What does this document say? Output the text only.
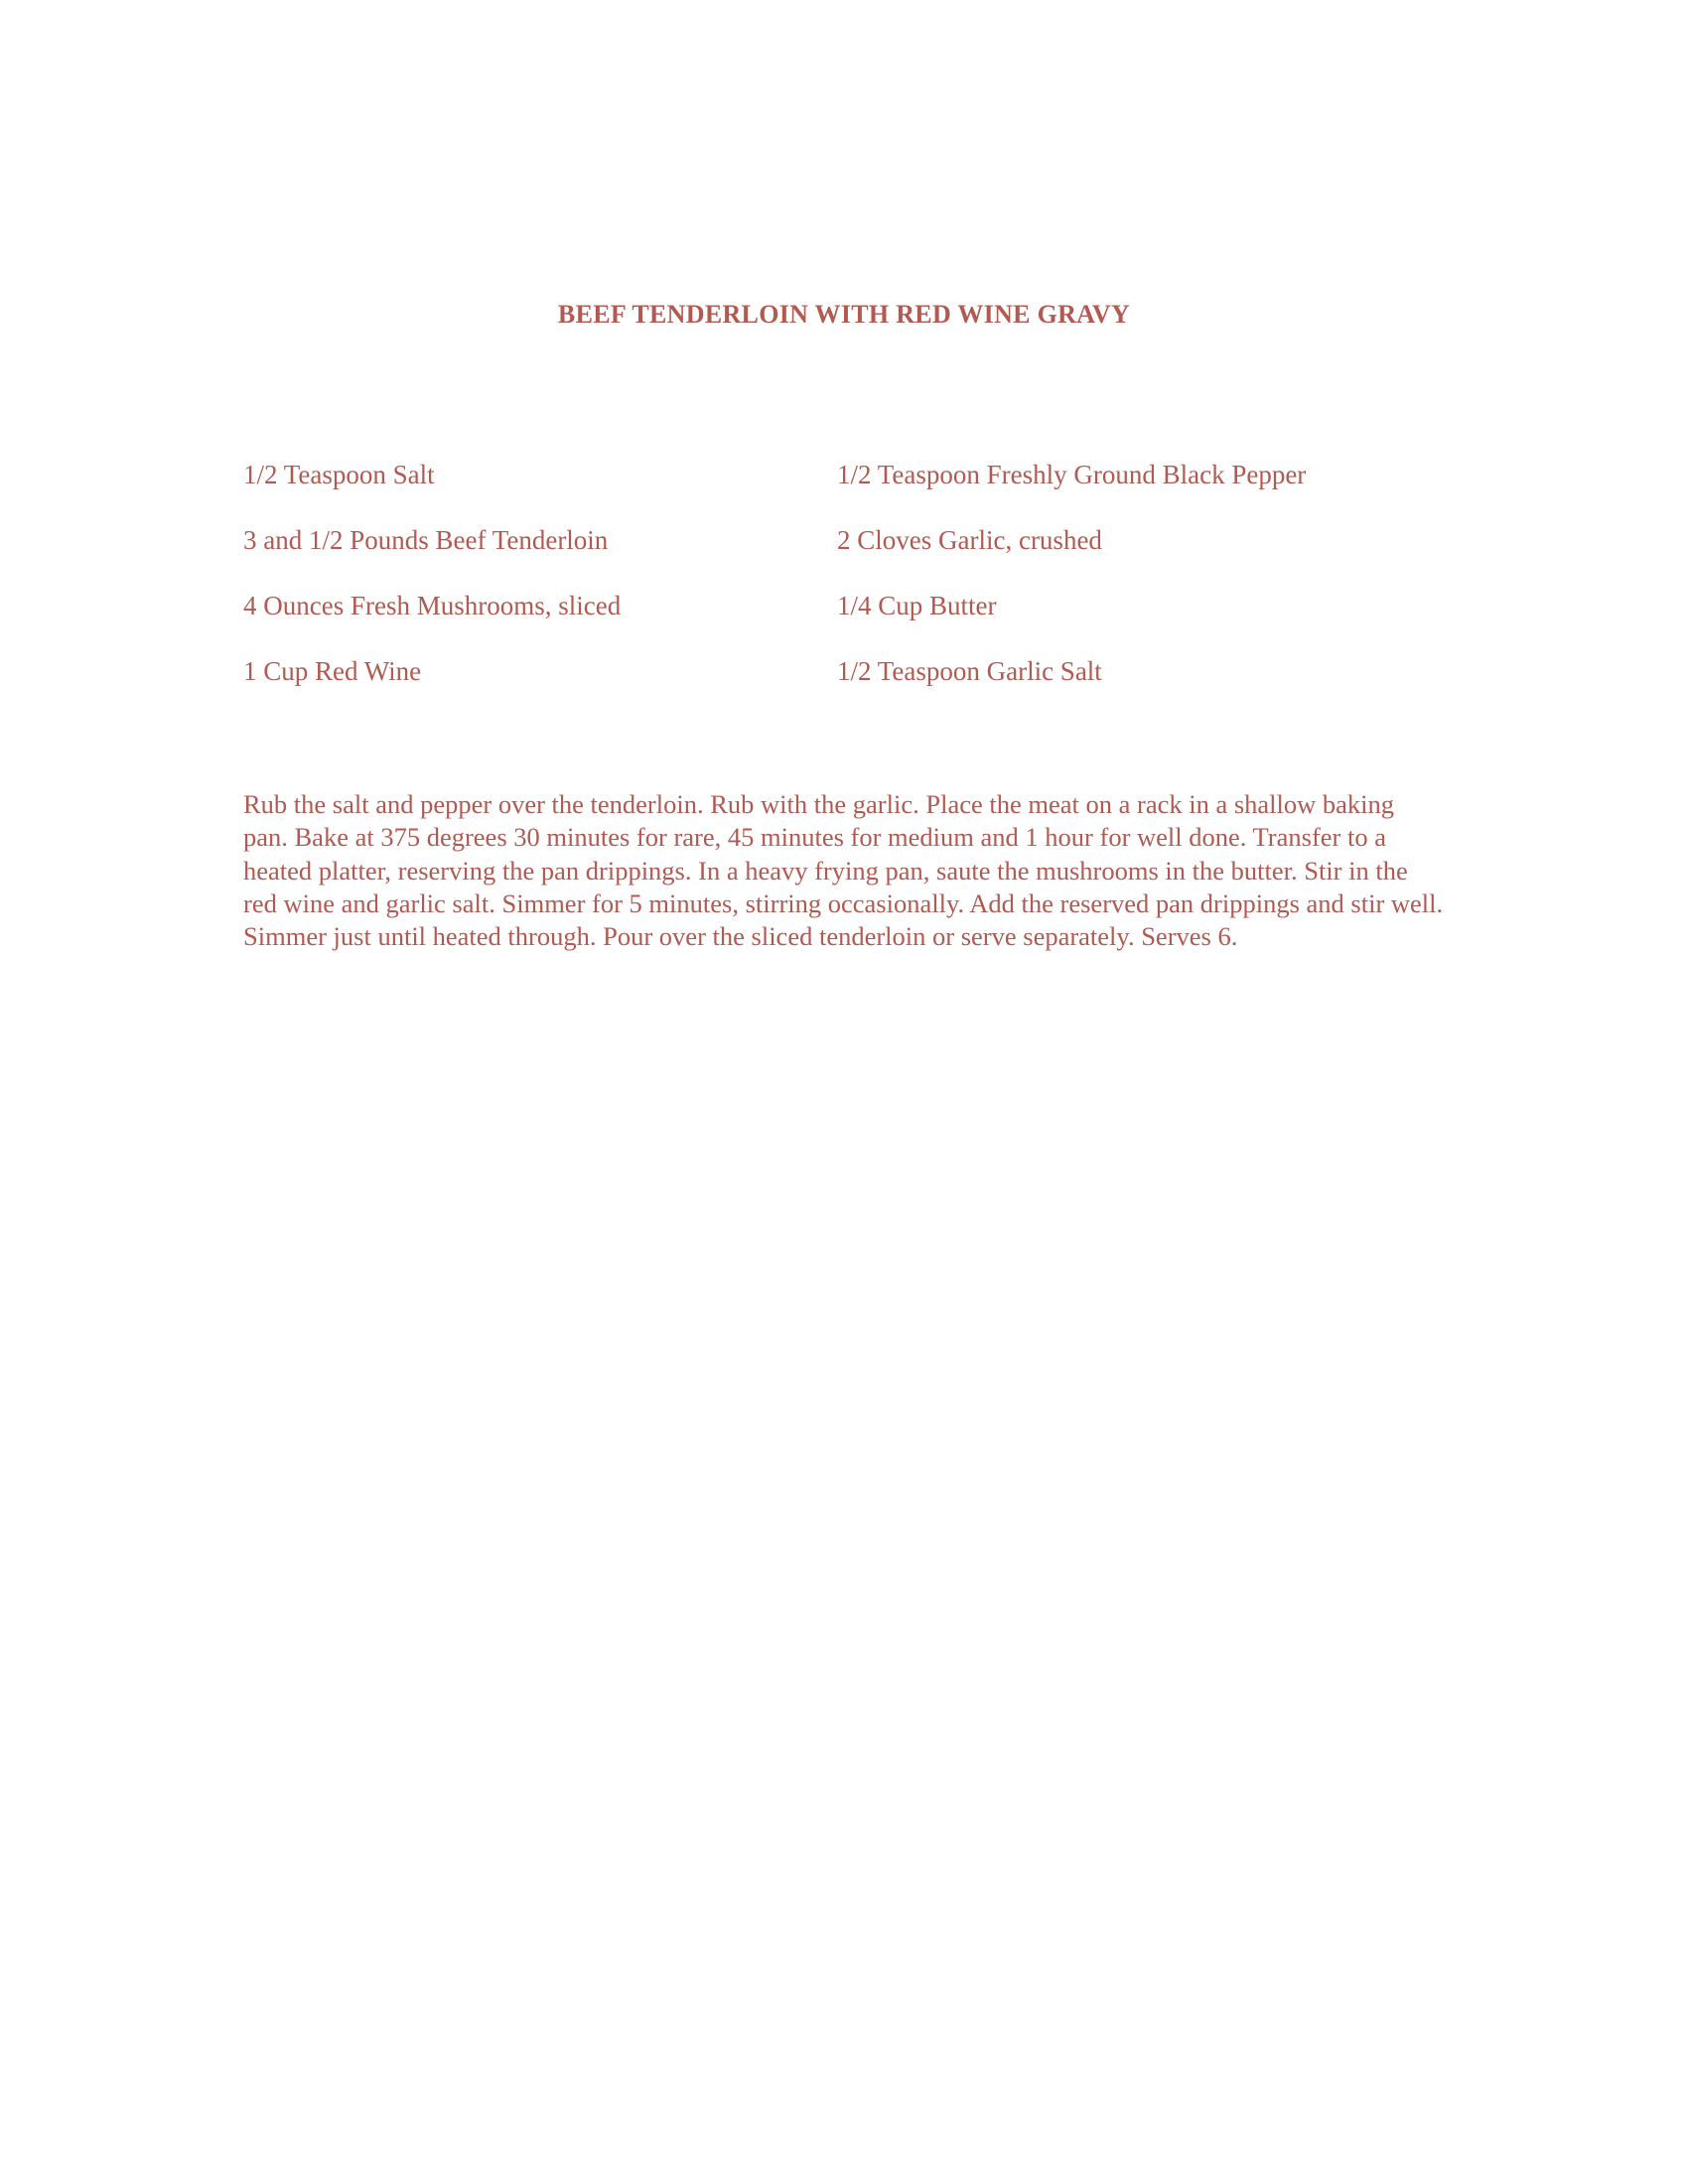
BEEF TENDERLOIN WITH RED WINE GRAVY
1/2 Teaspoon Salt	1/2 Teaspoon Freshly Ground Black Pepper
3 and 1/2 Pounds Beef Tenderloin	2 Cloves Garlic, crushed
4 Ounces Fresh Mushrooms, sliced	1/4 Cup Butter
1 Cup Red Wine	1/2 Teaspoon Garlic Salt

Rub the salt and pepper over the tenderloin. Rub with the garlic. Place the meat on a rack in a shallow baking pan. Bake at 375 degrees 30 minutes for rare, 45 minutes for medium and 1 hour for well done. Transfer to a heated platter, reserving the pan drippings. In a heavy frying pan, saute the mushrooms in the butter. Stir in the red wine and garlic salt. Simmer for 5 minutes, stirring occasionally. Add the reserved pan drippings and stir well. Simmer just until heated through. Pour over the sliced tenderloin or serve separately. Serves 6.
